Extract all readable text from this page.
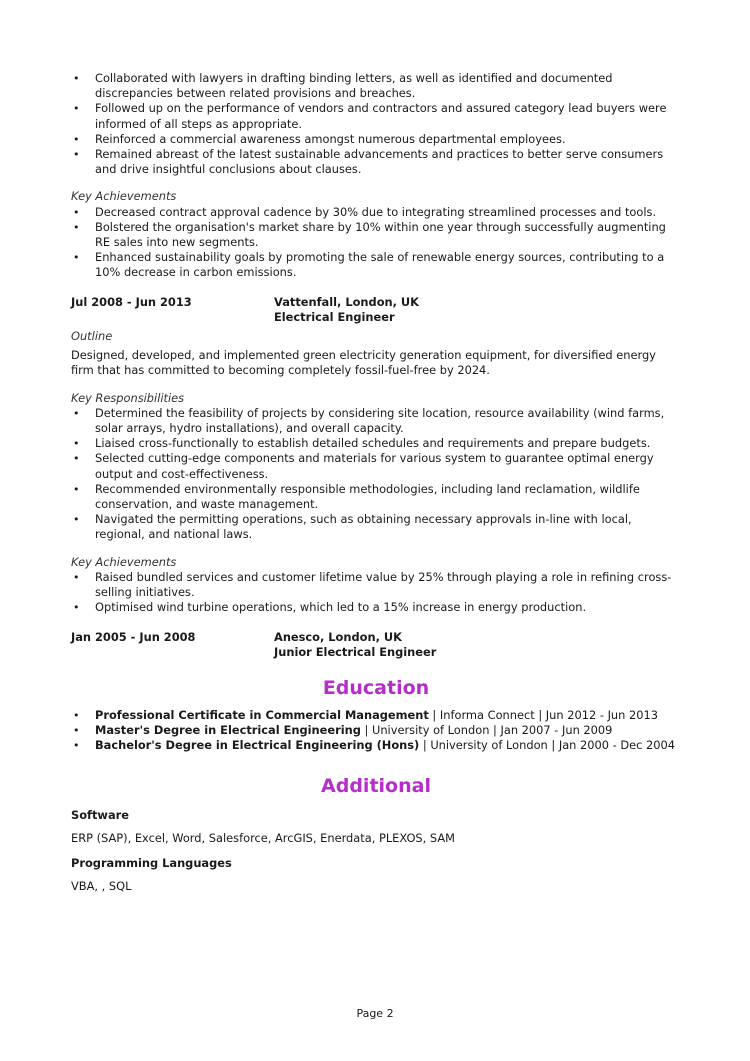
• Collaborated with lawyers in drafting binding letters, as well as identified and documented discrepancies between related provisions and breaches.
• Followed up on the performance of vendors and contractors and assured category lead buyers were informed of all steps as appropriate.
• Reinforced a commercial awareness amongst numerous departmental employees.
• Remained abreast of the latest sustainable advancements and practices to better serve consumers and drive insightful conclusions about clauses.
Key Achievements
• Decreased contract approval cadence by 30% due to integrating streamlined processes and tools.
• Bolstered the organisation's market share by 10% within one year through successfully augmenting RE sales into new segments.
• Enhanced sustainability goals by promoting the sale of renewable energy sources, contributing to a 10% decrease in carbon emissions.
Jul 2008 - Jun 2013	Vattenfall, London, UK
Electrical Engineer
Outline
Designed, developed, and implemented green electricity generation equipment, for diversified energy firm that has committed to becoming completely fossil-fuel-free by 2024.
Key Responsibilities
• Determined the feasibility of projects by considering site location, resource availability (wind farms, solar arrays, hydro installations), and overall capacity.
• Liaised cross-functionally to establish detailed schedules and requirements and prepare budgets.
• Selected cutting-edge components and materials for various system to guarantee optimal energy output and cost-effectiveness.
• Recommended environmentally responsible methodologies, including land reclamation, wildlife conservation, and waste management.
• Navigated the permitting operations, such as obtaining necessary approvals in-line with local, regional, and national laws.
Key Achievements
• Raised bundled services and customer lifetime value by 25% through playing a role in refining cross-selling initiatives.
• Optimised wind turbine operations, which led to a 15% increase in energy production.
Jan 2005 - Jun 2008	Anesco, London, UK
Junior Electrical Engineer
Education
• Professional Certificate in Commercial Management | Informa Connect | Jun 2012 - Jun 2013
• Master's Degree in Electrical Engineering | University of London | Jan 2007 - Jun 2009
• Bachelor's Degree in Electrical Engineering (Hons) | University of London | Jan 2000 - Dec 2004
Additional
Software
ERP (SAP), Excel, Word, Salesforce, ArcGIS, Enerdata, PLEXOS, SAM
Programming Languages
VBA, , SQL
Page 2
